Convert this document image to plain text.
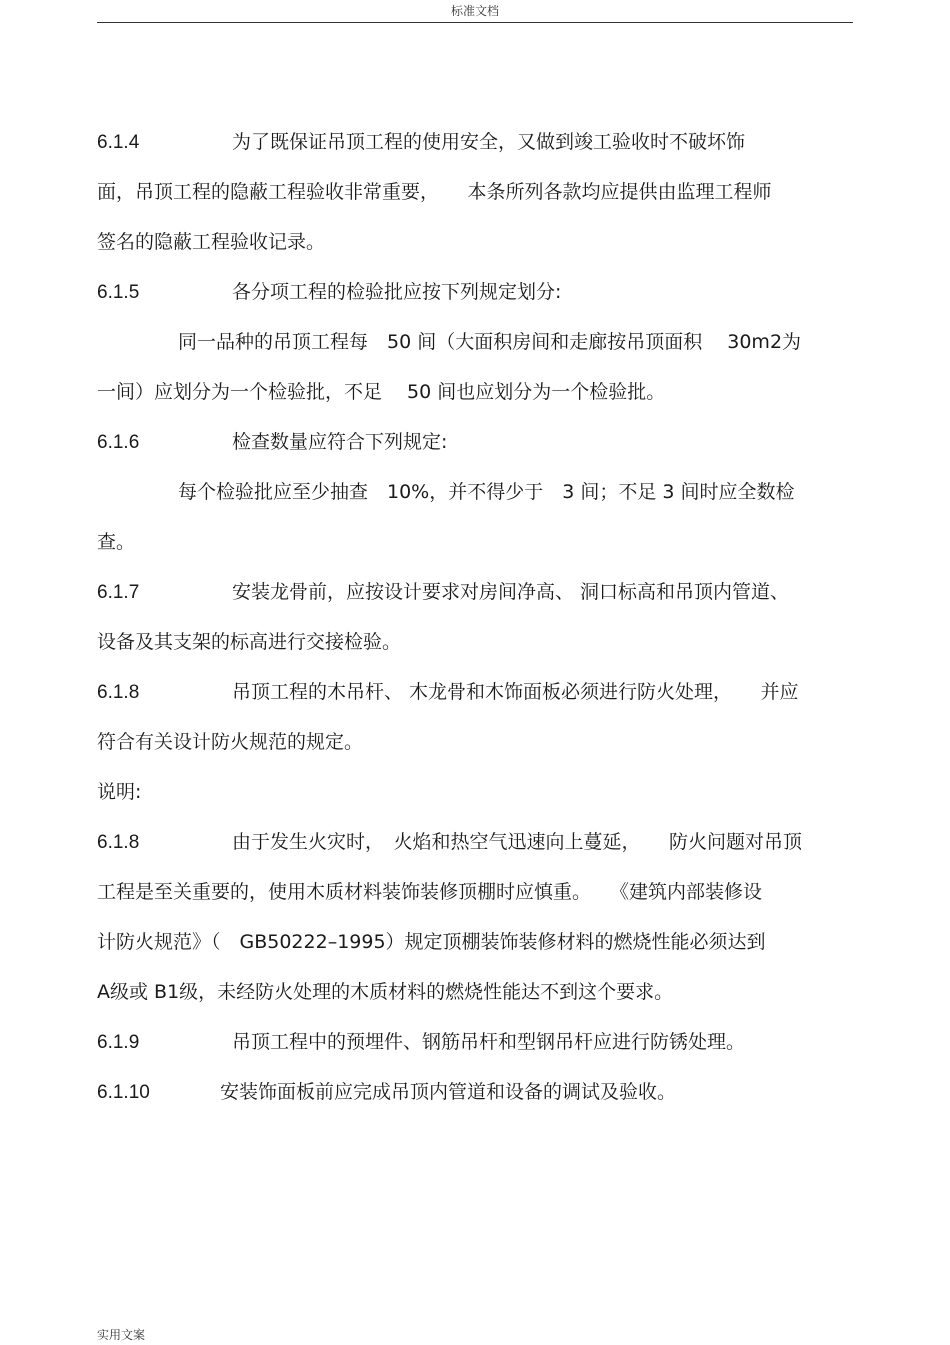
标准文档
6.1.4	为了既保证吊顶工程的使用安全，又做到竣工验收时不破坏饰
面，吊顶工程的隐蔽工程验收非常重要，　　本条所列各款均应提供由监理工程师
签名的隐蔽工程验收记录。
6.1.5	各分项工程的检验批应按下列规定划分:
同一品种的吊顶工程每　50 间（大面积房间和走廊按吊顶面积　 30m2为
一间）应划分为一个检验批，不足　 50 间也应划分为一个检验批。
6.1.6	检查数量应符合下列规定:
每个检验批应至少抽查　10%，并不得少于　3 间；不足 3 间时应全数检
查。
6.1.7	安装龙骨前，应按设计要求对房间净高、 洞口标高和吊顶内管道、
设备及其支架的标高进行交接检验。
6.1.8	吊顶工程的木吊杆、 木龙骨和木饰面板必须进行防火处理，　　并应
符合有关设计防火规范的规定。
说明:
6.1.8	由于发生火灾时，　火焰和热空气迅速向上蔓延，　　防火问题对吊顶
工程是至关重要的，使用木质材料装饰装修顶棚时应慎重。　　《建筑内部装修设
计防火规范》（　GB50222–1995）规定顶棚装饰装修材料的燃烧性能必须达到
A级或 B1级，未经防火处理的木质材料的燃烧性能达不到这个要求。
6.1.9	吊顶工程中的预埋件、钢筋吊杆和型钢吊杆应进行防锈处理。
6.1.10	安装饰面板前应完成吊顶内管道和设备的调试及验收。
实用文案
